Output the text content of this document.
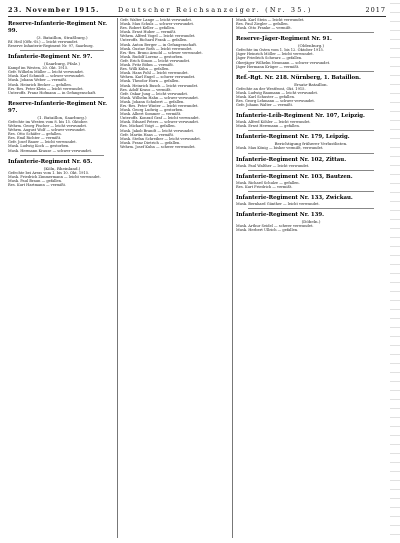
23. November 1915.	Deutscher Reichsanzeiger. (Nr. 35.)	2017
Reserve-Infanterie-Regiment Nr. 99.
(3. Bataillon, Straßburg.)
Rf. Heil (Offz.-St.) — leicht verwundet.
Reserve Infanterie-Regiment Nr. 97, Saarburg.
Infanterie-Regiment Nr. 97.
(Saarburg, Pfalz.)
Kampf im Westen, 20. Okt. 1915.
Gefr. Wilhelm Müller — leicht verwundet.
Musk. Karl Schmidt — schwer verwundet.
Musk. Johann Weber — vermißt.
Musk. Heinrich Becker — gefallen.
Ers.-Res. Peter Klein — leicht verwundet.
Unteroffz. Franz Hofmann — in Gefangenschaft.
Reserve-Infanterie-Regiment Nr. 97.
(1. Bataillon, Saarburg.)
Gefechte im Westen vom 8. bis 15. Oktober.
Wehrm. Georg Fischer — leicht verwundet.
Wehrm. August Wolf — schwer verwundet.
Res. Otto Schäfer — gefallen.
Res. Emil Richter — vermißt.
Gefr. Josef Bauer — leicht verwundet.
Musk. Ludwig Koch — gestorben.
Musk. Hermann Krause — schwer verwundet.
Infanterie-Regiment Nr. 65.
(Köln, Rheinland.)
Gefechte bei Arras vom 1. bis 10. Okt. 1915.
Musk. Friedrich Zimmermann — leicht verwundet.
Musk. Paul Braun — gefallen.
Res. Kurt Hartmann — vermißt.
Gefr. Walter Lange — leicht verwundet.
Musk. Max Schulz — schwer verwundet.
Res. Robert Keller — gefallen.
Musk. Ernst Huber — vermißt.
Wehrm. Alfred Vogel — leicht verwundet.
Unteroffz. Richard Frank — gefallen.
Musk. Anton Berger — in Gefangenschaft.
Musk. Gustav Roth — leicht verwundet.
Ers.-Res. Bruno Arnold — schwer verwundet.
Musk. Rudolf Lorenz — gestorben.
Gefr. Erich Simon — leicht verwundet.
Musk. Fritz Böhm — vermißt.
Res. Willi Kühn — gefallen.
Musk. Hans Pohl — leicht verwundet.
Wehrm. Karl Engel — schwer verwundet.
Musk. Theodor Horn — gefallen.
Musk. Heinrich Busch — leicht verwundet.
Res. Adolf Kraus — vermißt.
Gefr. Oskar Jung — leicht verwundet.
Musk. Wilhelm Hahn — schwer verwundet.
Musk. Johann Schubert — gefallen.
Ers.-Res. Peter Winter — leicht verwundet.
Musk. Georg Ludwig — gestorben.
Musk. Albert Sommer — vermißt.
Unteroffz. Konrad Graf — leicht verwundet.
Musk. Eduard Peters — schwer verwundet.
Res. Michael Voigt — gefallen.
Musk. Jakob Brandt — leicht verwundet.
Gefr. Martin Haas — vermißt.
Musk. Stefan Schreiber — leicht verwundet.
Musk. Franz Dietrich — gefallen.
Wehrm. Josef Kuhn — schwer verwundet.
Musk. Karl Stein — leicht verwundet.
Res. Paul Ziegler — gefallen.
Musk. Otto Franke — vermißt.
Reserve-Jäger-Regiment Nr. 91.
(Oldenburg.)
Gefechte im Osten vom 1. bis 12. Oktober 1915.
Jäger Heinrich Möller — leicht verwundet.
Jäger Friedrich Schwarz — gefallen.
Oberjäger Wilhelm Neumann — schwer verwundet.
Jäger Hermann Krüger — vermißt.
Ref.-Rgt. Nr. 218. Nürnberg, 1. Bataillon.
Ersatz-Bataillon.
Gefechte an der Westfront, Okt. 1915.
Musk. Ludwig Baumann — leicht verwundet.
Musk. Karl Schuster — gefallen.
Res. Georg Lehmann — schwer verwundet.
Gefr. Johann Walter — vermißt.
Infanterie-Leib-Regiment Nr. 107, Leipzig.
Musk. Alfred Köhler — leicht verwundet.
Musk. Ernst Herrmann — gefallen.
Infanterie-Regiment Nr. 179, Leipzig.
Berichtigung früherer Verlustlisten.
Musk. Max König — bisher vermißt, verwundet.
Infanterie-Regiment Nr. 102, Zittau.
Musk. Paul Walther — leicht verwundet.
Infanterie-Regiment Nr. 103, Bautzen.
Musk. Richard Schulze — gefallen.
Res. Kurt Friedrich — vermißt.
Infanterie-Regiment Nr. 133, Zwickau.
Musk. Bernhard Günther — leicht verwundet.
Infanterie-Regiment Nr. 139.
(Döbeln.)
Musk. Arthur Seidel — schwer verwundet.
Musk. Herbert Ullrich — gefallen.
